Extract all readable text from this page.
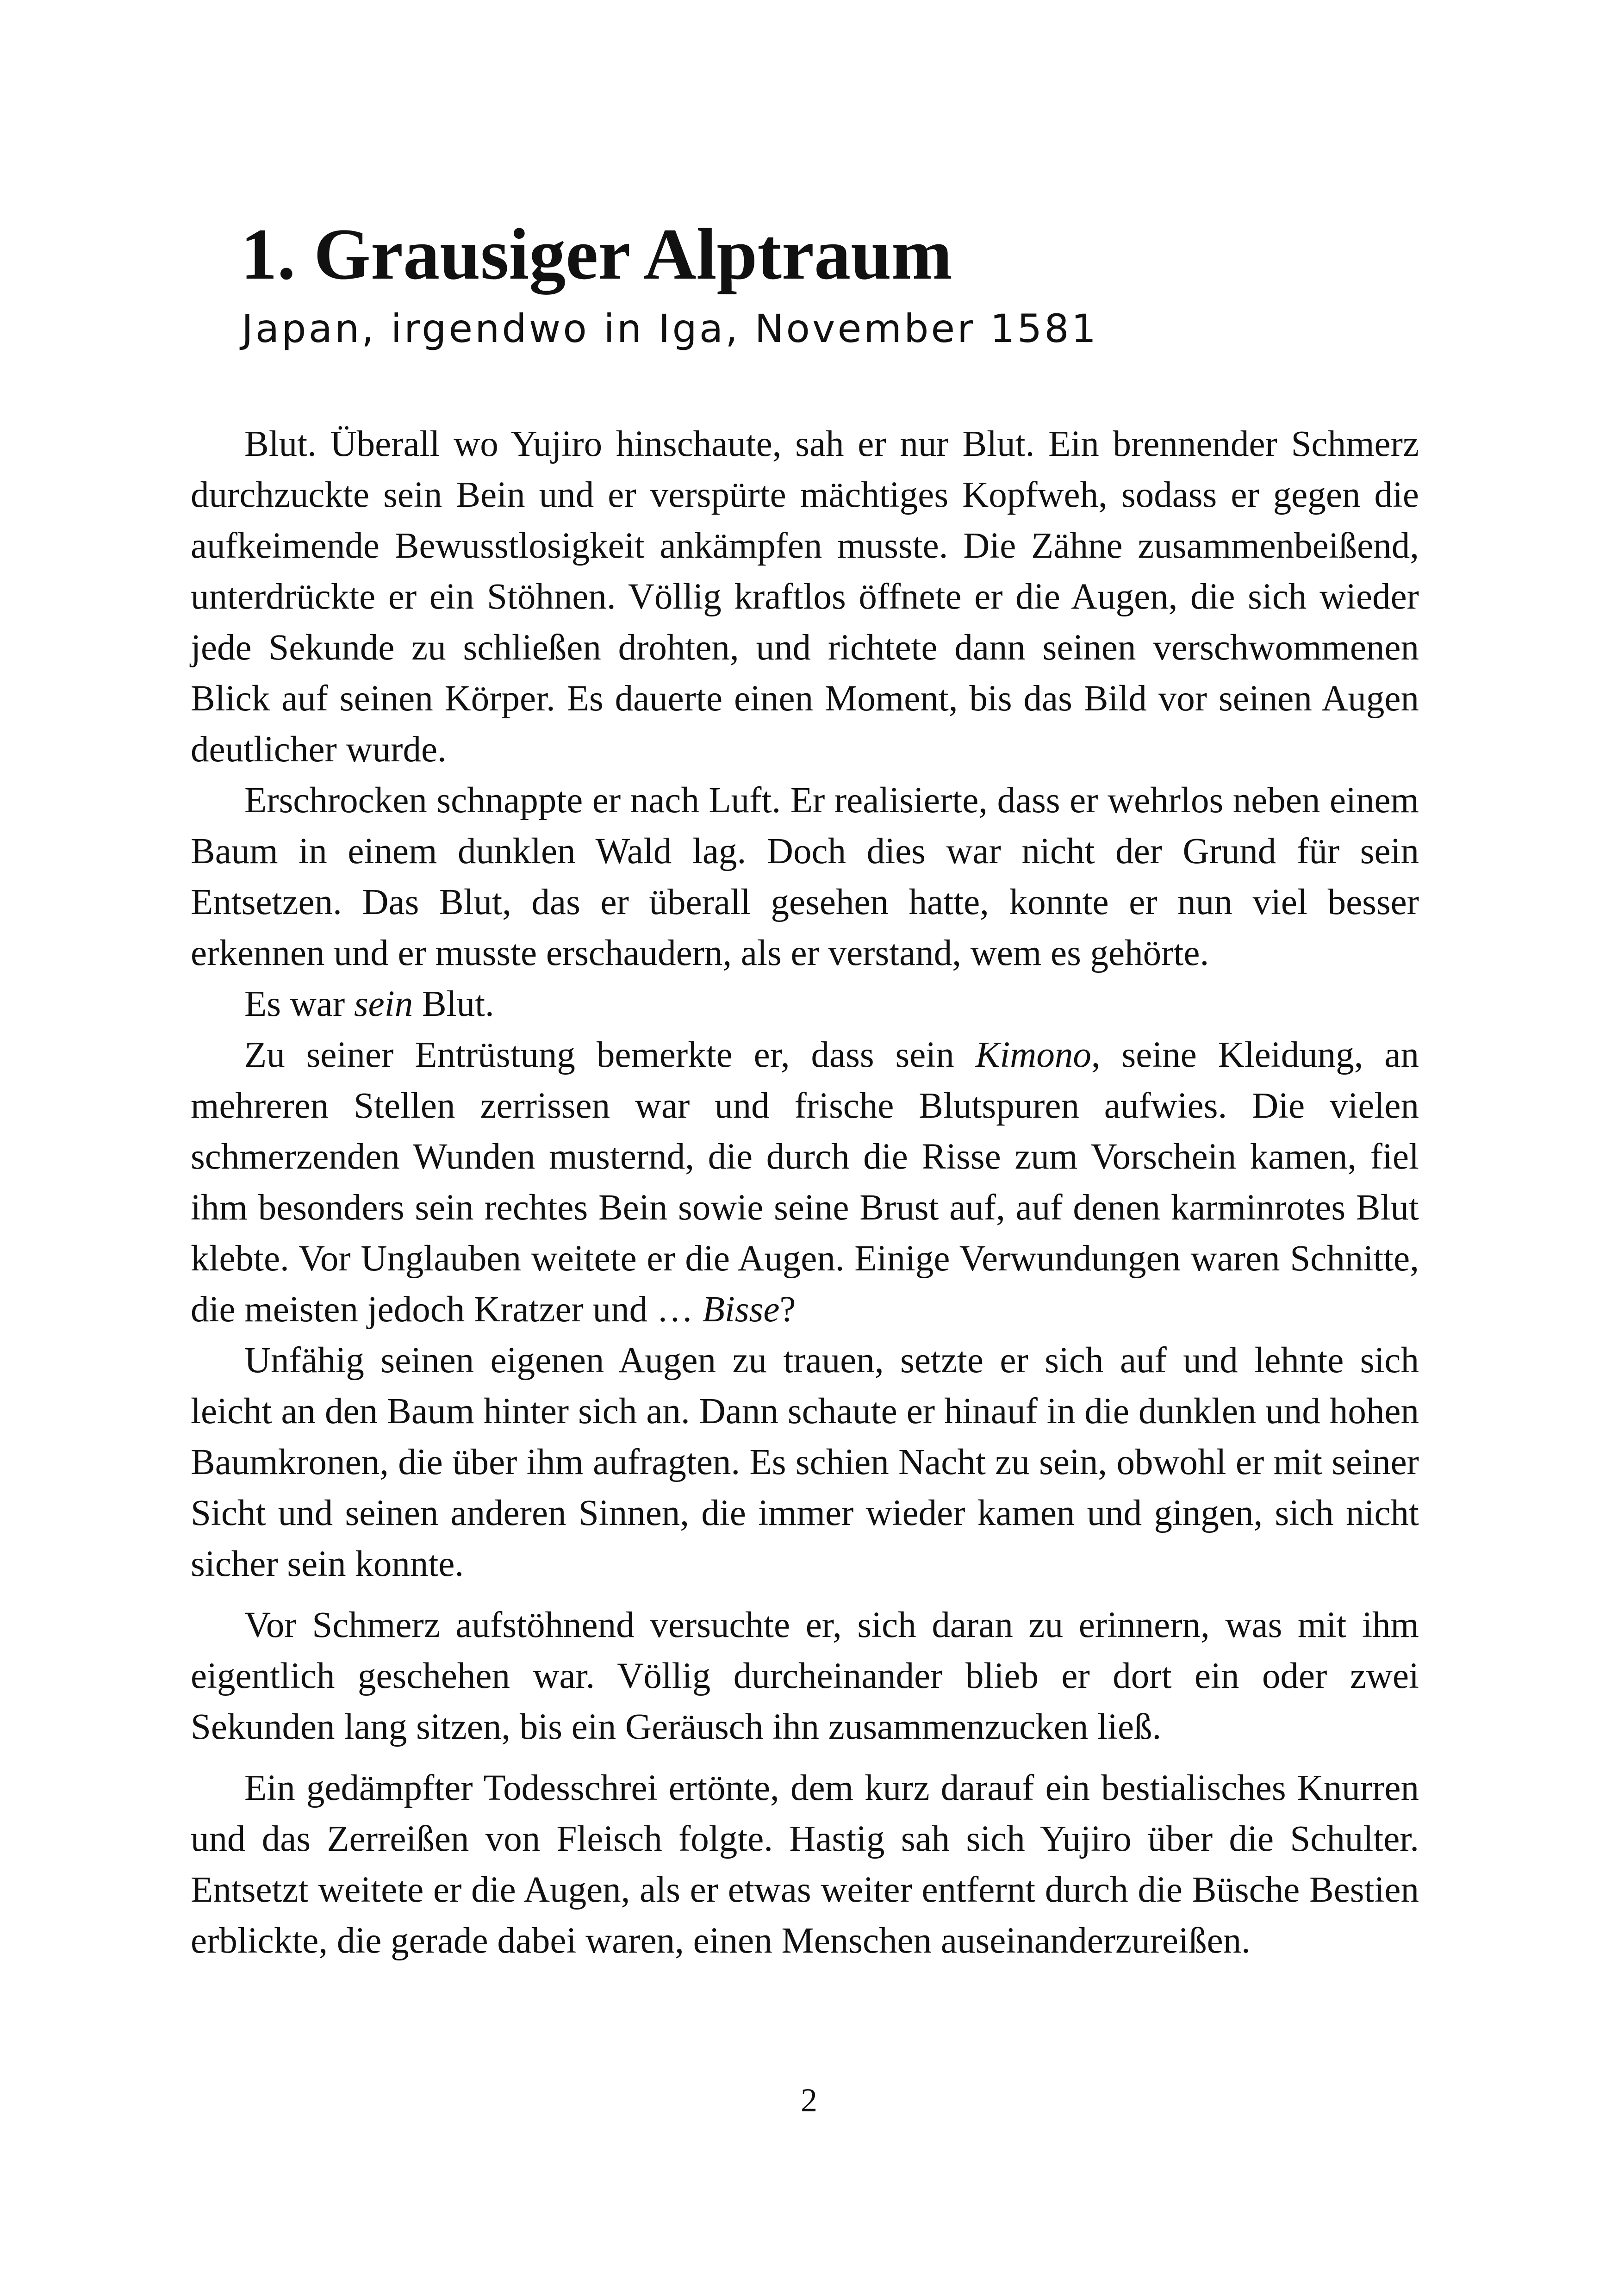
1. Grausiger Alptraum
Japan, irgendwo in Iga, November 1581

Blut. Überall wo Yujiro hinschaute, sah er nur Blut. Ein brennender Schmerz durchzuckte sein Bein und er verspürte mächtiges Kopfweh, sodass er gegen die aufkeimende Bewusstlosigkeit ankämpfen musste. Die Zähne zusammenbeißend, unterdrückte er ein Stöhnen. Völlig kraftlos öffnete er die Augen, die sich wieder jede Sekunde zu schließen drohten, und richtete dann seinen verschwommenen Blick auf seinen Körper. Es dauerte einen Moment, bis das Bild vor seinen Augen deutlicher wurde.

Erschrocken schnappte er nach Luft. Er realisierte, dass er wehrlos neben einem Baum in einem dunklen Wald lag. Doch dies war nicht der Grund für sein Entsetzen. Das Blut, das er überall gesehen hatte, konnte er nun viel besser erkennen und er musste erschaudern, als er verstand, wem es gehörte.

Es war sein Blut.

Zu seiner Entrüstung bemerkte er, dass sein Kimono, seine Kleidung, an mehreren Stellen zerrissen war und frische Blutspuren aufwies. Die vielen schmerzenden Wunden musternd, die durch die Risse zum Vorschein kamen, fiel ihm besonders sein rechtes Bein sowie seine Brust auf, auf denen karminrotes Blut klebte. Vor Unglauben weitete er die Augen. Einige Verwundungen waren Schnitte, die meisten jedoch Kratzer und … Bisse?

Unfähig seinen eigenen Augen zu trauen, setzte er sich auf und lehnte sich leicht an den Baum hinter sich an. Dann schaute er hinauf in die dunklen und hohen Baumkronen, die über ihm aufragten. Es schien Nacht zu sein, obwohl er mit seiner Sicht und seinen anderen Sinnen, die immer wieder kamen und gingen, sich nicht sicher sein konnte.

Vor Schmerz aufstöhnend versuchte er, sich daran zu erinnern, was mit ihm eigentlich geschehen war. Völlig durcheinander blieb er dort ein oder zwei Sekunden lang sitzen, bis ein Geräusch ihn zusammenzucken ließ.

Ein gedämpfter Todesschrei ertönte, dem kurz darauf ein bestialisches Knurren und das Zerreißen von Fleisch folgte. Hastig sah sich Yujiro über die Schulter. Entsetzt weitete er die Augen, als er etwas weiter entfernt durch die Büsche Bestien erblickte, die gerade dabei waren, einen Menschen auseinanderzureißen.

2
